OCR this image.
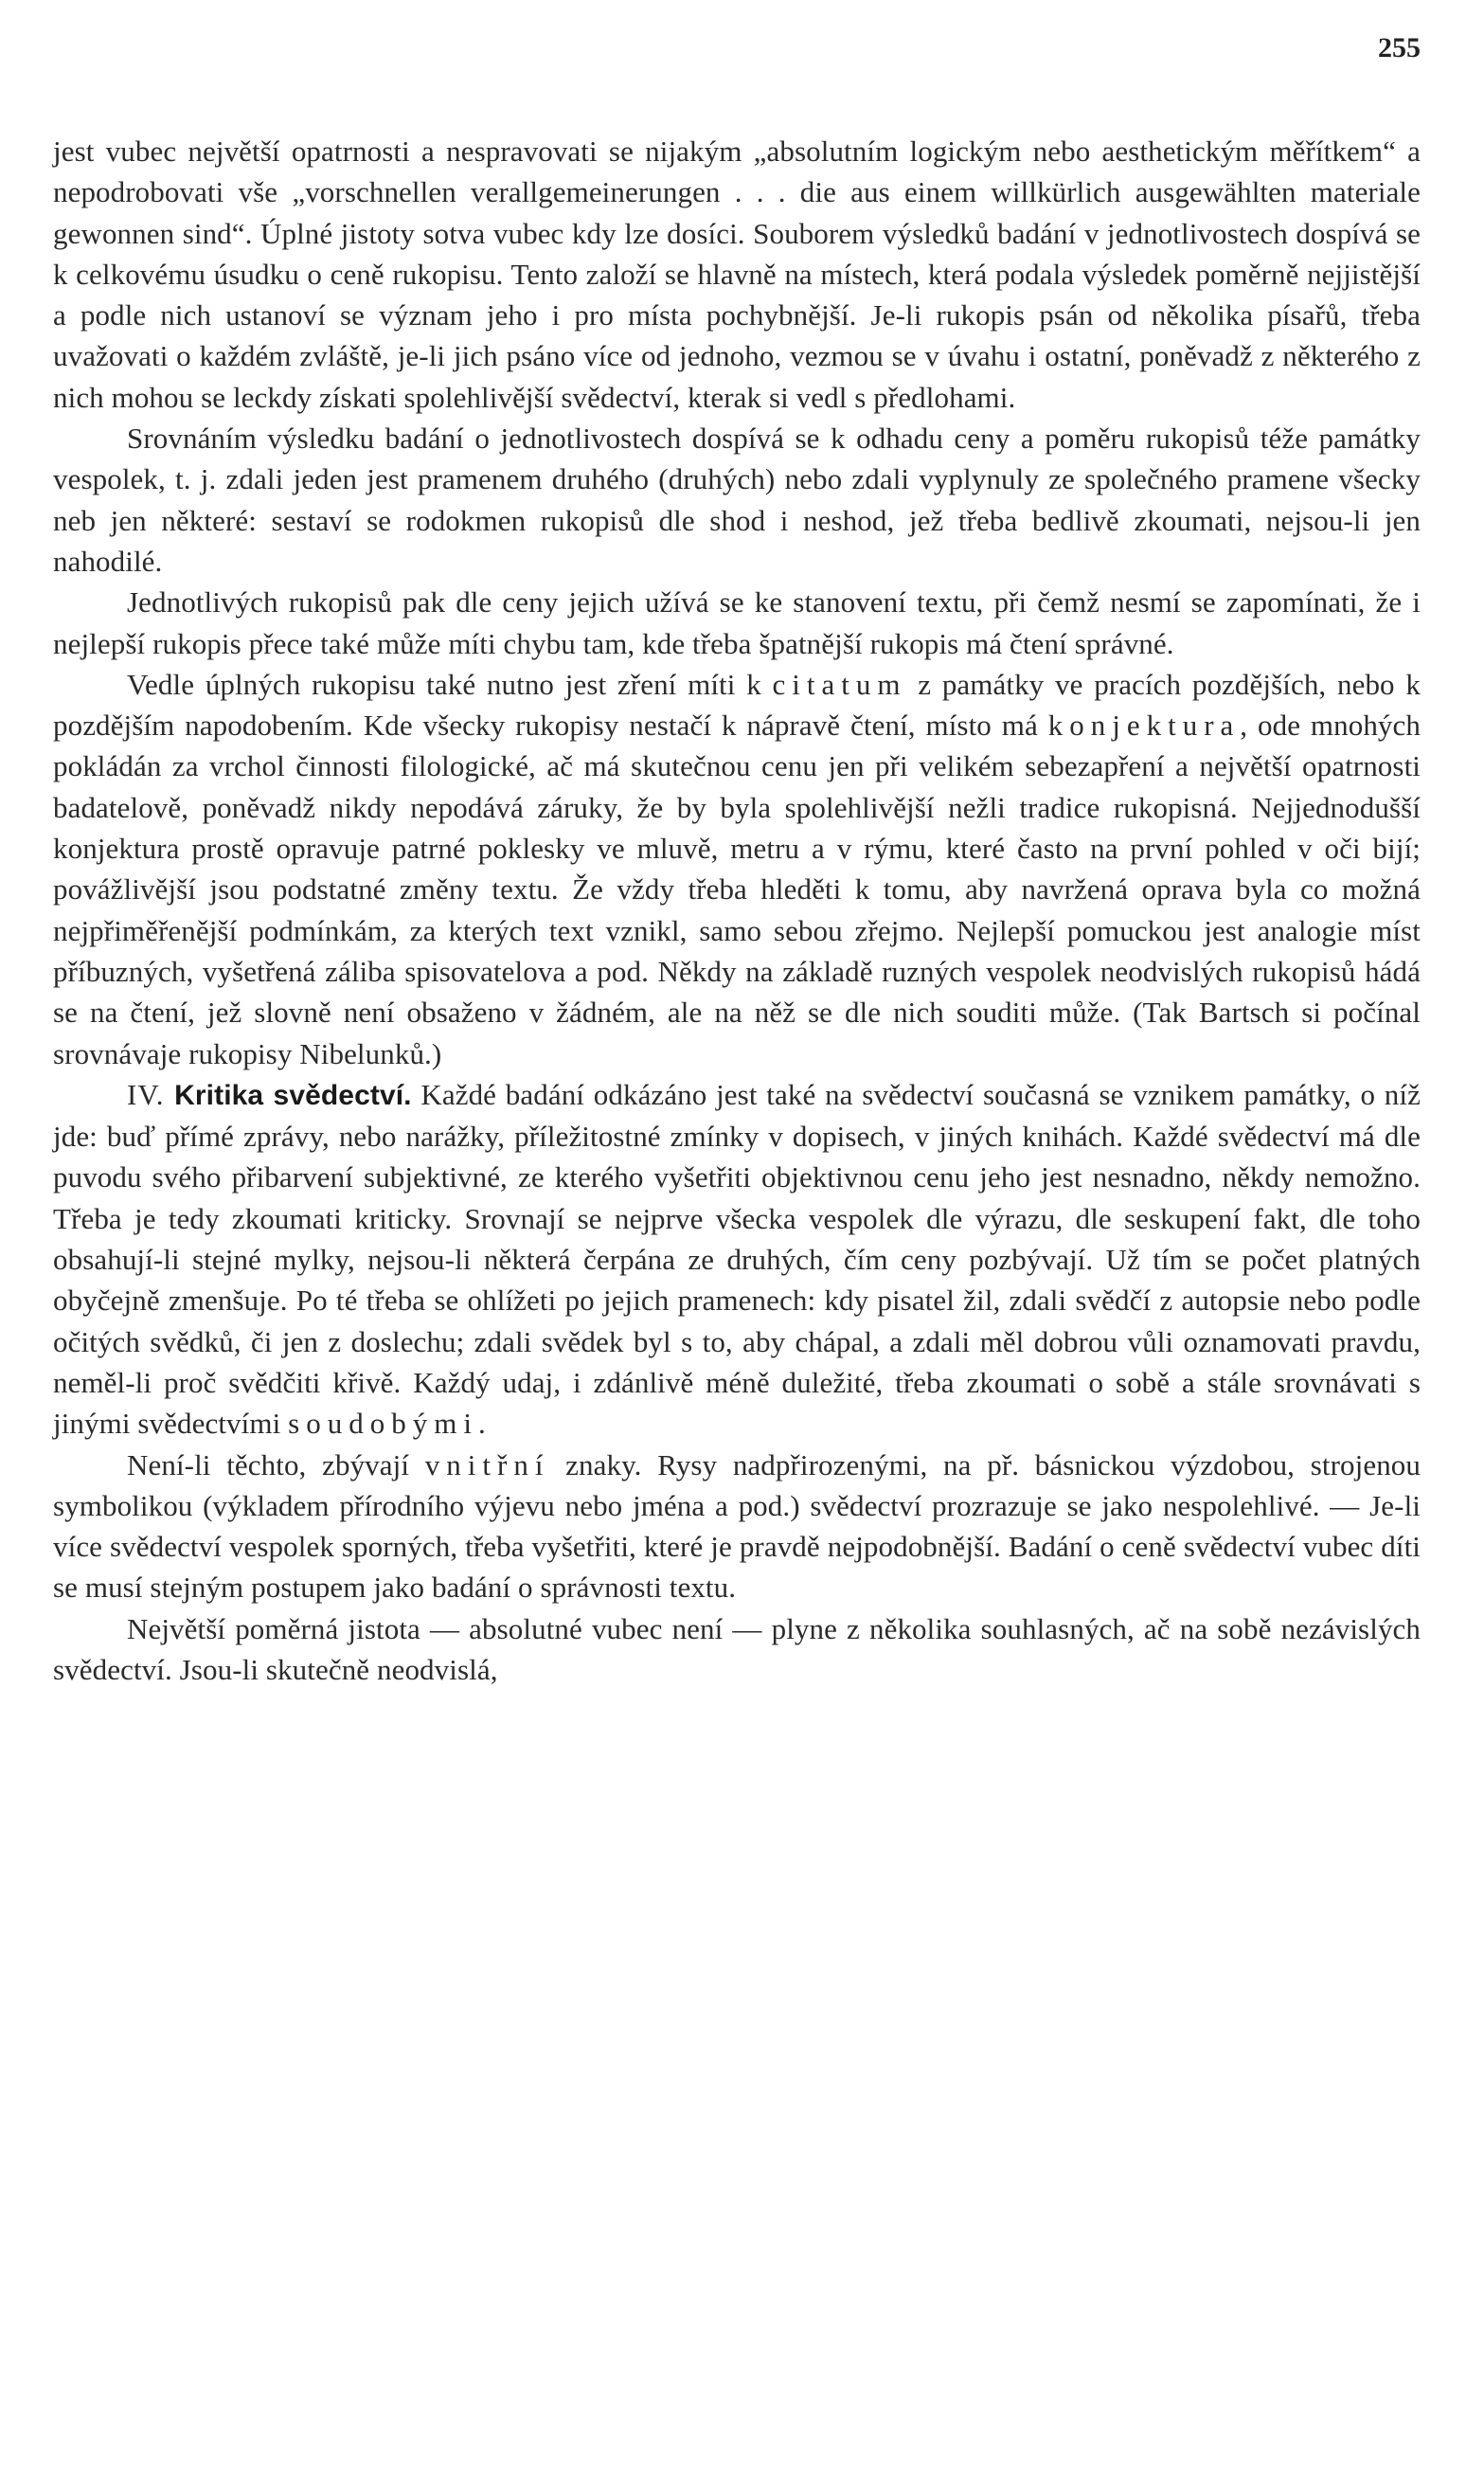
255

jest vubec největší opatrnosti a nespravovati se nijakým „absolutním logickým nebo aesthetickým měřítkem“ a nepodrobovati vše „vorschnellen verallgemeinerungen . . . die aus einem willkürlich ausgewählten materiale gewonnen sind“. Úplné jistoty sotva vubec kdy lze dosíci. Souborem výsledků badání v jednotlivostech dospívá se k celkovému úsudku o ceně rukopisu. Tento založí se hlavně na místech, která podala výsledek poměrně nejjistější a podle nich ustanoví se význam jeho i pro místa pochybnější. Je-li rukopis psán od několika písařů, třeba uvažovati o každém zvláště, je-li jich psáno více od jednoho, vezmou se v úvahu i ostatní, poněvadž z některého z nich mohou se leckdy získati spolehlivější svědectví, kterak si vedl s předlohami.

Srovnáním výsledku badání o jednotlivostech dospívá se k odhadu ceny a poměru rukopisů téže památky vespolek, t. j. zdali jeden jest pramenem druhého (druhých) nebo zdali vyplynuly ze společného pramene všecky neb jen některé: sestaví se rodokmen rukopisů dle shod i neshod, jež třeba bedlivě zkoumati, nejsou-li jen nahodilé.

Jednotlivých rukopisů pak dle ceny jejich užívá se ke stanovení textu, při čemž nesmí se zapomínati, že i nejlepší rukopis přece také může míti chybu tam, kde třeba špatnější rukopis má čtení správné.

Vedle úplných rukopisu také nutno jest zření míti k citatum z památky ve pracích pozdějších, nebo k pozdějším napodobením. Kde všecky rukopisy nestačí k nápravě čtení, místo má konjektura, ode mnohých pokládán za vrchol činnosti filologické, ač má skutečnou cenu jen při velikém sebezapření a největší opatrnosti badatelově, poněvadž nikdy nepodává záruky, že by byla spolehlivější nežli tradice rukopisná. Nejjednodušší konjektura prostě opravuje patrné poklesky ve mluvě, metru a v rýmu, které často na první pohled v oči bijí; povážlivější jsou podstatné změny textu. Že vždy třeba hleděti k tomu, aby navržená oprava byla co možná nejpřiměřenější podmínkám, za kterých text vznikl, samo sebou zřejmo. Nejlepší pomuckou jest analogie míst příbuzných, vyšetřená záliba spisovatelova a pod. Někdy na základě ruzných vespolek neodvislých rukopisů hádá se na čtení, jež slovně není obsaženo v žádném, ale na něž se dle nich souditi může. (Tak Bartsch si počínal srovnávaje rukopisy Nibelunků.)

IV. Kritika svědectví. Každé badání odkázáno jest také na svědectví současná se vznikem památky, o níž jde: buď přímé zprávy, nebo narážky, příležitostné zmínky v dopisech, v jiných knihách. Každé svědectví má dle puvodu svého přibarvení subjektivné, ze kterého vyšetřiti objektivnou cenu jeho jest nesnadno, někdy nemožno. Třeba je tedy zkoumati kriticky. Srovnají se nejprve všecka vespolek dle výrazu, dle seskupení fakt, dle toho obsahují-li stejné mylky, nejsou-li některá čerpána ze druhých, čím ceny pozbývají. Už tím se počet platných obyčejně zmenšuje. Po té třeba se ohlížeti po jejich pramenech: kdy pisatel žil, zdali svědčí z autopsie nebo podle očitých svědků, či jen z doslechu; zdali svědek byl s to, aby chápal, a zdali měl dobrou vůli oznamovati pravdu, neměl-li proč svědčiti křivě. Každý udaj, i zdánlivě méně duležité, třeba zkoumati o sobě a stále srovnávati s jinými svědectvími soudobými.

Není-li těchto, zbývají vnitřní znaky. Rysy nadpřirozenými, na př. básnickou výzdobou, strojenou symbolikou (výkladem přírodního výjevu nebo jména a pod.) svědectví prozrazuje se jako nespolehlivé. — Je-li více svědectví vespolek sporných, třeba vyšetřiti, které je pravdě nejpodobnější. Badání o ceně svědectví vubec díti se musí stejným postupem jako badání o správnosti textu.

Největší poměrná jistota — absolutné vubec není — plyne z několika souhlasných, ač na sobě nezávislých svědectví. Jsou-li skutečně neodvislá,
